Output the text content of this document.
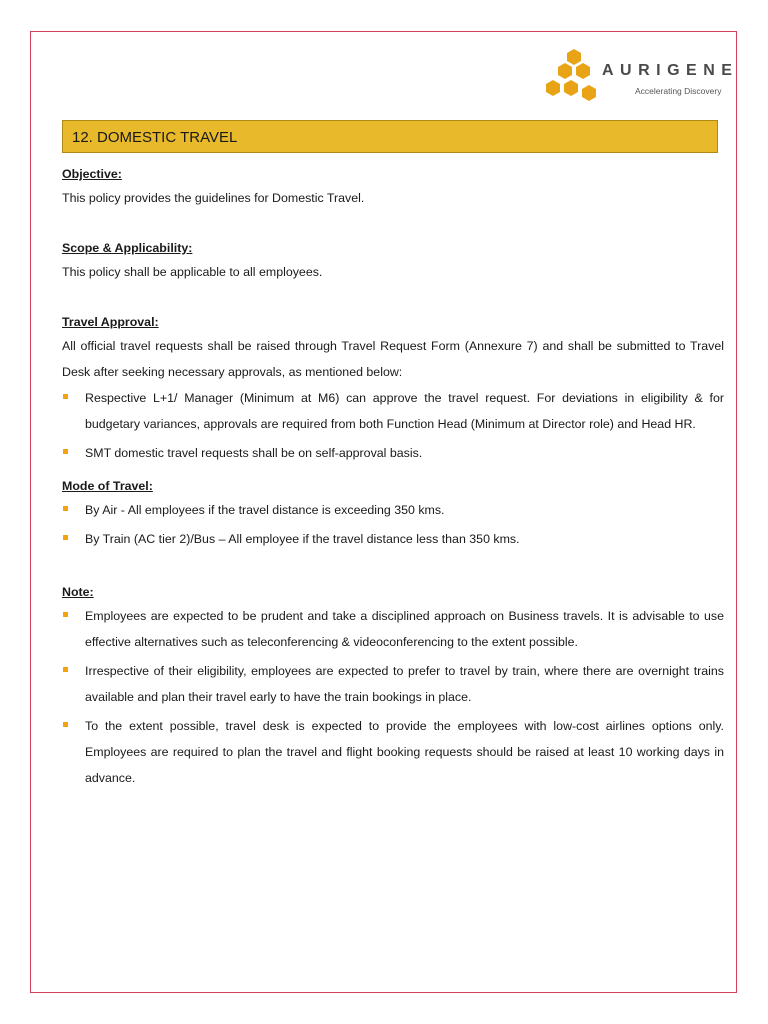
AURIGENE
Accelerating Discovery
12. DOMESTIC TRAVEL

Objective:

This policy provides the guidelines for Domestic Travel.

Scope & Applicability:

This policy shall be applicable to all employees.

Travel Approval:

All official travel requests shall be raised through Travel Request Form (Annexure 7) and shall be submitted to Travel Desk after seeking necessary approvals, as mentioned below:

Respective L+1/ Manager (Minimum at M6) can approve the travel request. For deviations in eligibility & for budgetary variances, approvals are required from both Function Head (Minimum at Director role) and Head HR.
SMT domestic travel requests shall be on self-approval basis.

Mode of Travel:

By Air - All employees if the travel distance is exceeding 350 kms.
By Train (AC tier 2)/Bus – All employee if the travel distance less than 350 kms.

Note:

Employees are expected to be prudent and take a disciplined approach on Business travels. It is advisable to use effective alternatives such as teleconferencing & videoconferencing to the extent possible.
Irrespective of their eligibility, employees are expected to prefer to travel by train, where there are overnight trains available and plan their travel early to have the train bookings in place.
To the extent possible, travel desk is expected to provide the employees with low-cost airlines options only. Employees are required to plan the travel and flight booking requests should be raised at least 10 working days in advance.
